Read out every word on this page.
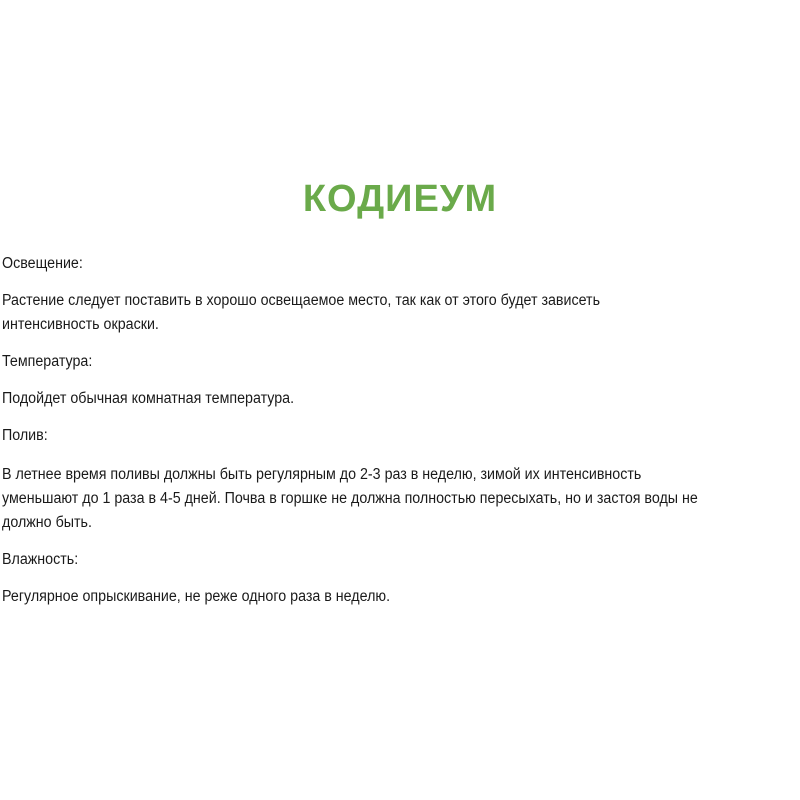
КОДИЕУМ
Освещение:
Растение следует поставить в хорошо освещаемое место, так как от этого будет зависеть
интенсивность окраски.
Температура:
Подойдет обычная комнатная температура.
Полив:
В летнее время поливы должны быть регулярным до 2-3 раз в неделю, зимой их интенсивность
уменьшают до 1 раза в 4-5 дней. Почва в горшке не должна полностью пересыхать, но и застоя воды не
должно быть.
Влажность:
Регулярное опрыскивание, не реже одного раза в неделю.
